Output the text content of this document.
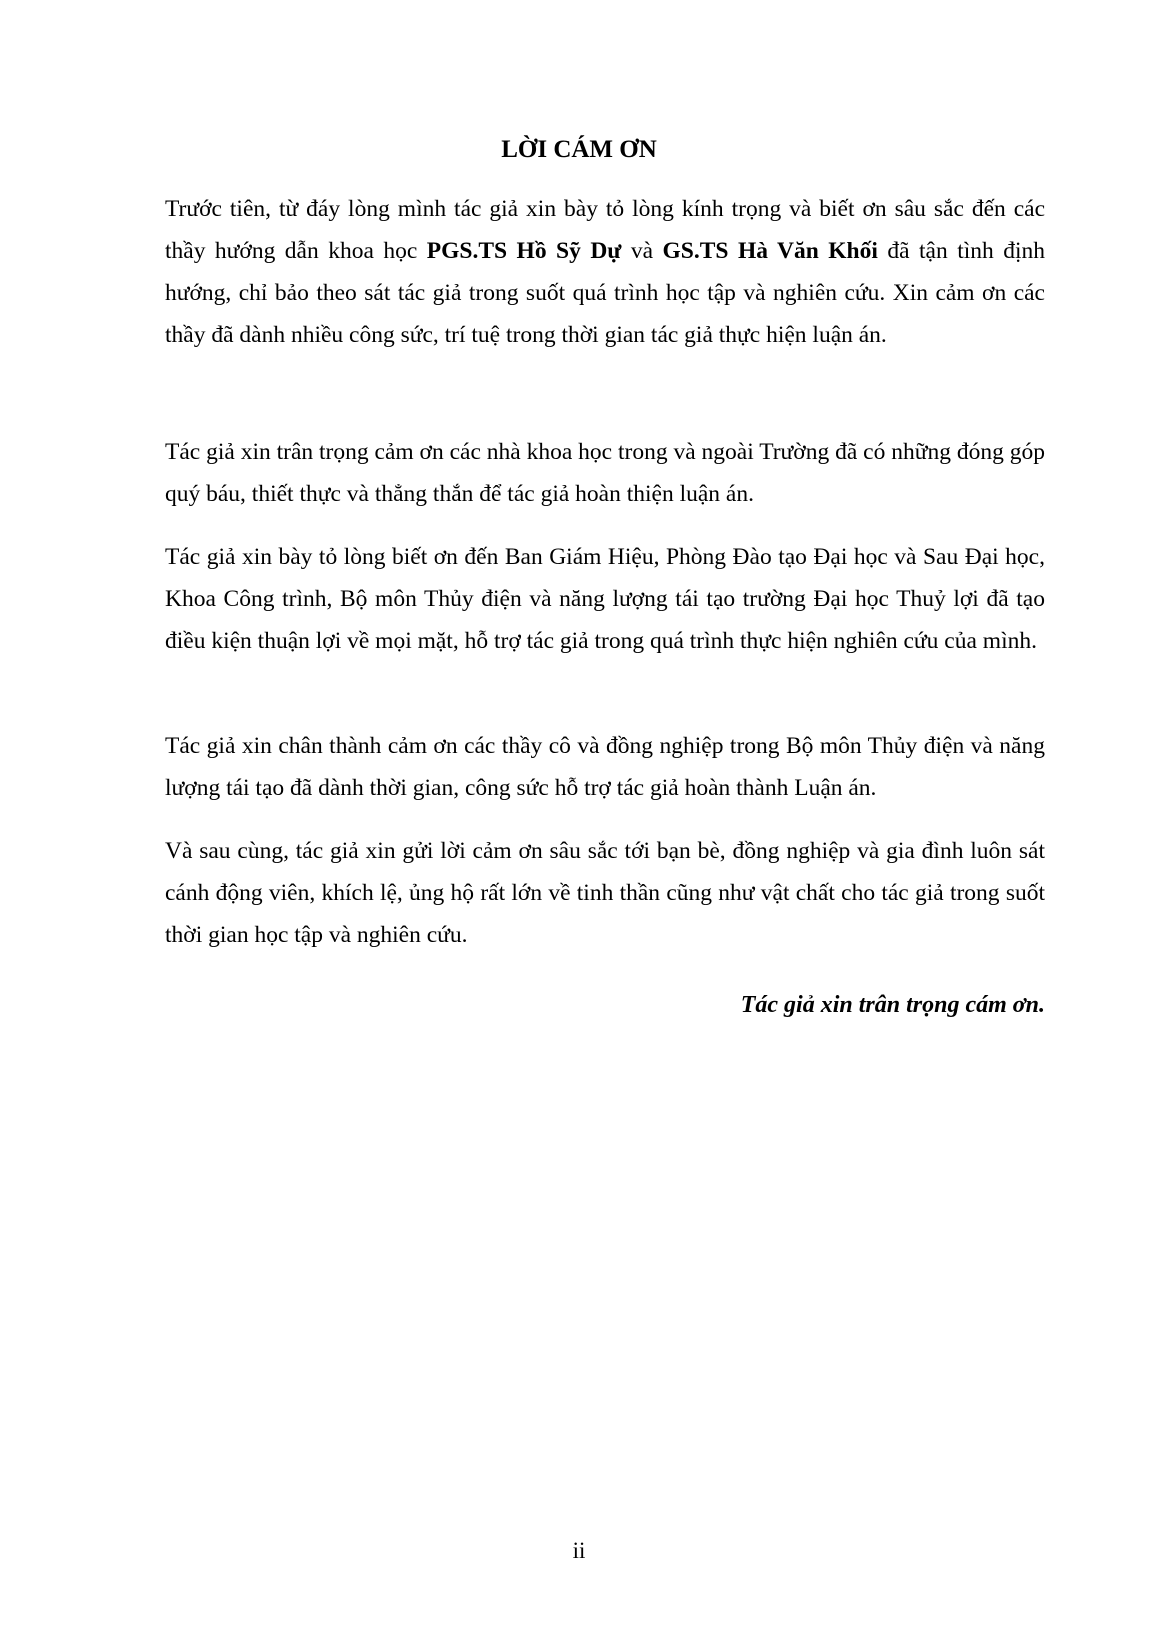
LỜI CÁM ƠN

Trước tiên, từ đáy lòng mình tác giả xin bày tỏ lòng kính trọng và biết ơn sâu sắc đến các thầy hướng dẫn khoa học PGS.TS Hồ Sỹ Dự và GS.TS Hà Văn Khối đã tận tình định hướng, chỉ bảo theo sát tác giả trong suốt quá trình học tập và nghiên cứu. Xin cảm ơn các thầy đã dành nhiều công sức, trí tuệ trong thời gian tác giả thực hiện luận án.

Tác giả xin trân trọng cảm ơn các nhà khoa học trong và ngoài Trường đã có những đóng góp quý báu, thiết thực và thẳng thắn để tác giả hoàn thiện luận án.

Tác giả xin bày tỏ lòng biết ơn đến Ban Giám Hiệu, Phòng Đào tạo Đại học và Sau Đại học, Khoa Công trình, Bộ môn Thủy điện và năng lượng tái tạo trường Đại học Thuỷ lợi đã tạo điều kiện thuận lợi về mọi mặt, hỗ trợ tác giả trong quá trình thực hiện nghiên cứu của mình.

Tác giả xin chân thành cảm ơn các thầy cô và đồng nghiệp trong Bộ môn Thủy điện và năng lượng tái tạo đã dành thời gian, công sức hỗ trợ tác giả hoàn thành Luận án.

Và sau cùng, tác giả xin gửi lời cảm ơn sâu sắc tới bạn bè, đồng nghiệp và gia đình luôn sát cánh động viên, khích lệ, ủng hộ rất lớn về tinh thần cũng như vật chất cho tác giả trong suốt thời gian học tập và nghiên cứu.

Tác giả xin trân trọng cám ơn.
ii
